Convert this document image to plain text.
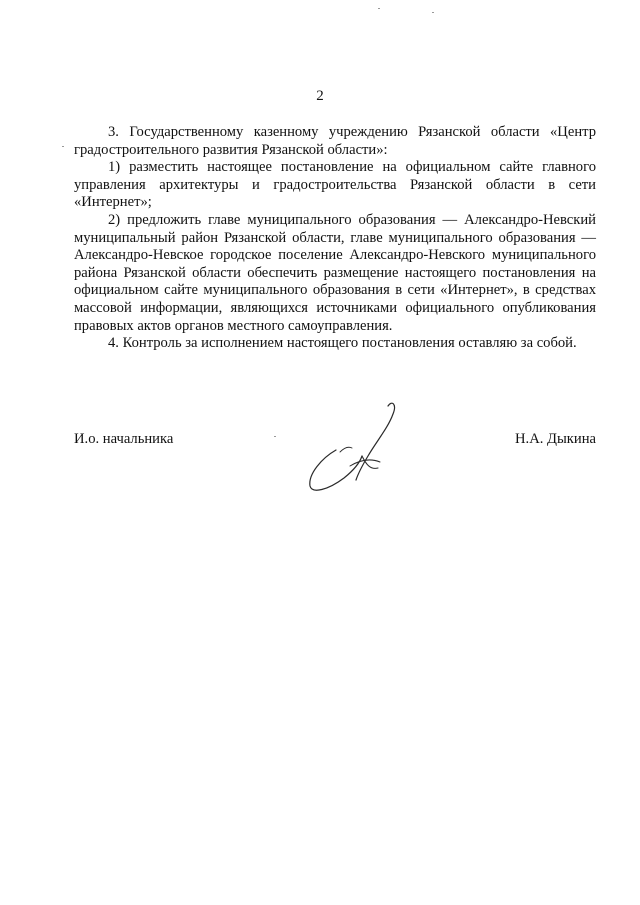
2

3. Государственному казенному учреждению Рязанской области «Центр градостроительного развития Рязанской области»:

1) разместить настоящее постановление на официальном сайте главного управления архитектуры и градостроительства Рязанской области в сети «Интернет»;

2) предложить главе муниципального образования — Александро-Невский муниципальный район Рязанской области, главе муниципального образования — Александро-Невское городское поселение Александро-Невского муниципального района Рязанской области обеспечить размещение настоящего постановления на официальном сайте муниципального образования в сети «Интернет», в средствах массовой информации, являющихся источниками официального опубликования правовых актов органов местного самоуправления.

4. Контроль за исполнением настоящего постановления оставляю за собой.

И.о. начальника	Н.А. Дыкина
